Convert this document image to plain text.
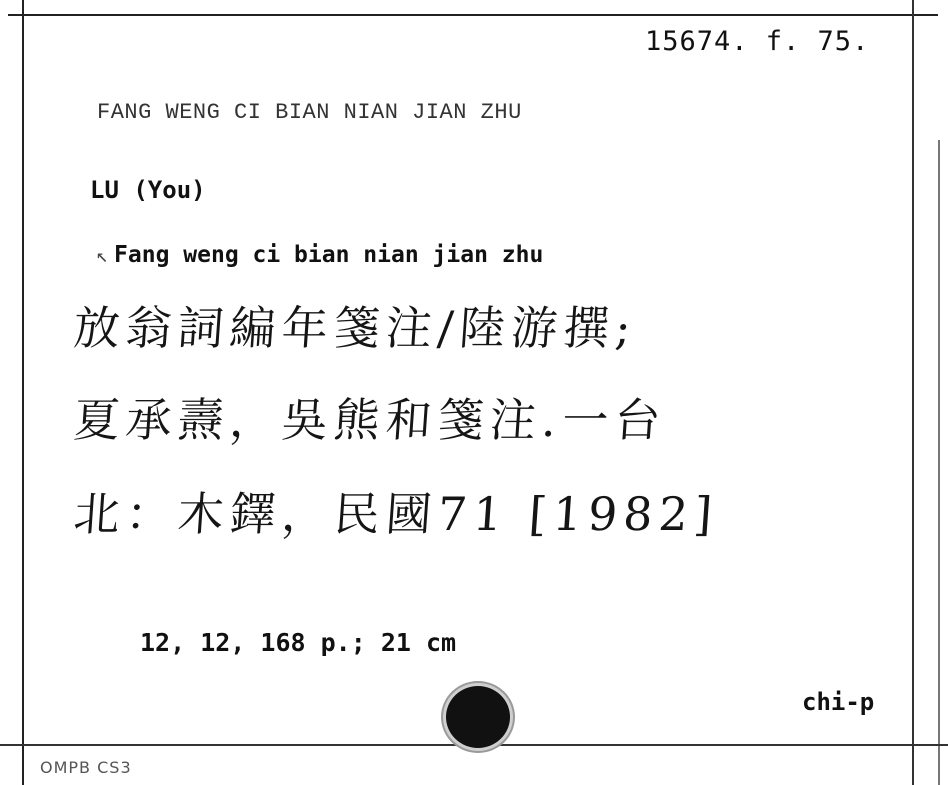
15674. f. 75.
FANG WENG CI BIAN NIAN JIAN ZHU
LU (You)
↖ Fang weng ci bian nian jian zhu
放翁詞編年箋注/陸游撰;
夏承燾，吳熊和箋注.一台
北：木鐸，民國71 [1982]
12, 12, 168 p.; 21 cm
chi-p
OMPB CS3
